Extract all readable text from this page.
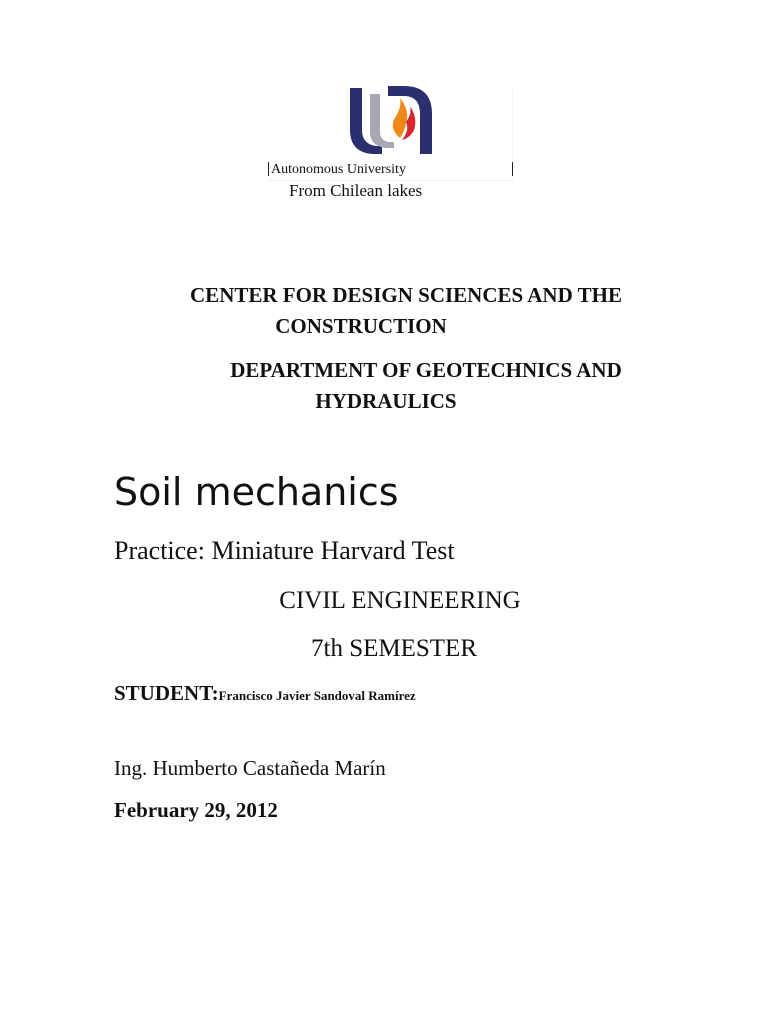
Autonomous University
From Chilean lakes
CENTER FOR DESIGN SCIENCES AND THE
CONSTRUCTION
DEPARTMENT OF GEOTECHNICS AND
HYDRAULICS
Soil mechanics
Practice: Miniature Harvard Test
CIVIL ENGINEERING
7th SEMESTER
STUDENT:Francisco Javier Sandoval Ramírez
Ing. Humberto Castañeda Marín
February 29, 2012
